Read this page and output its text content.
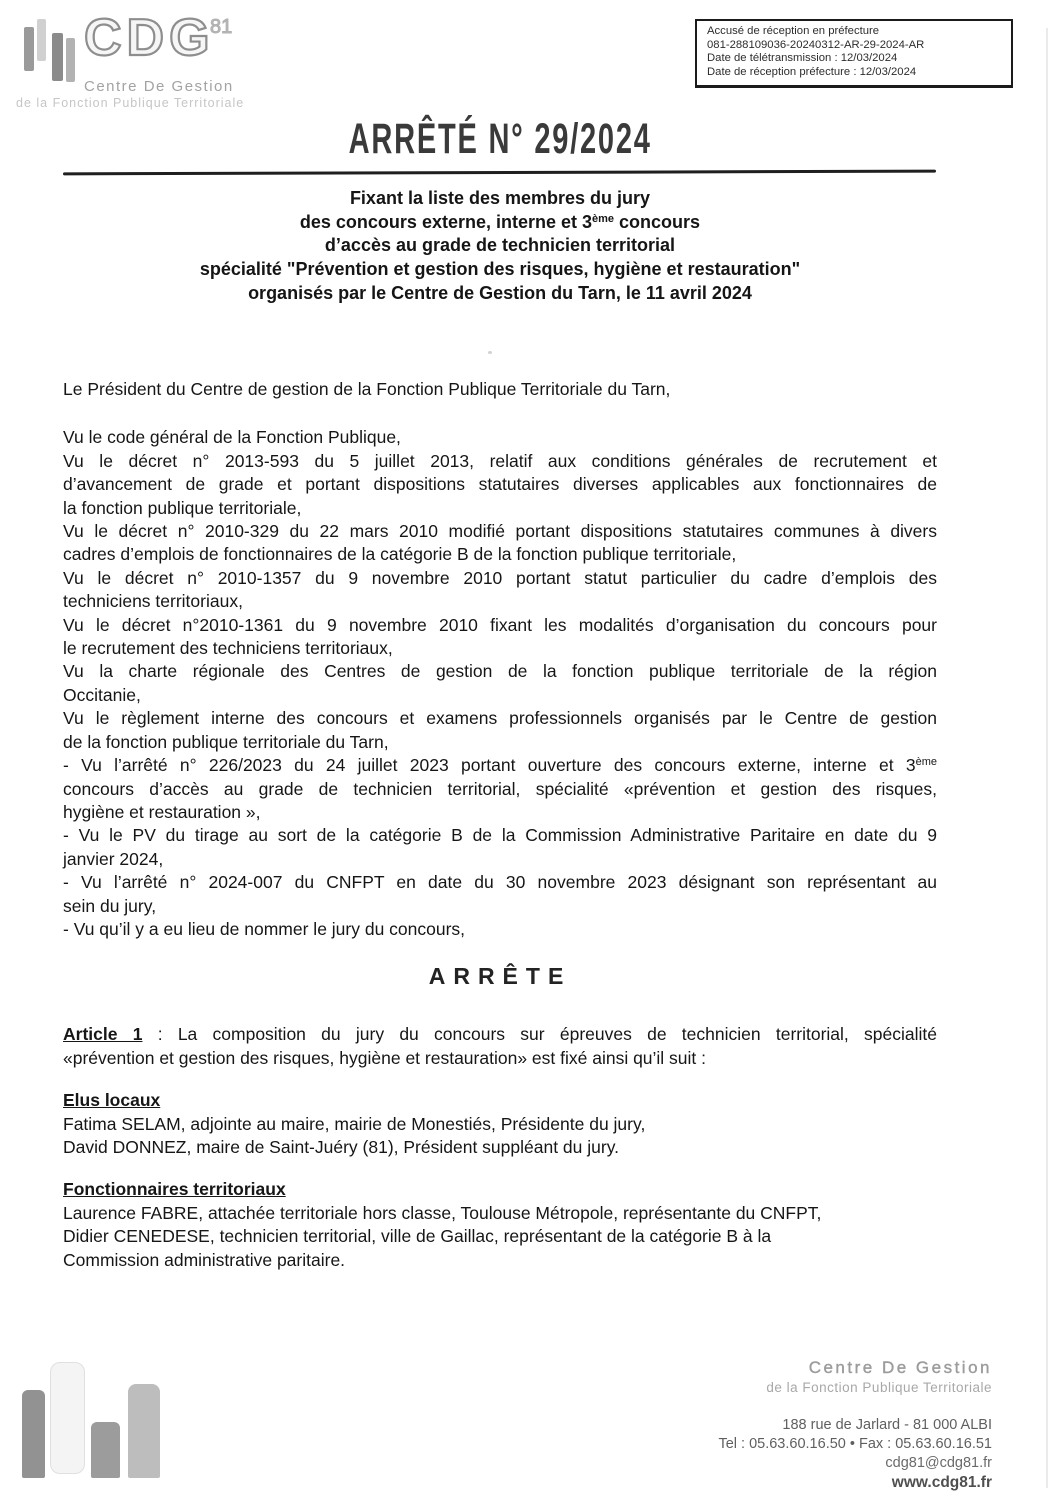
CDG
81
Centre De Gestion
de la Fonction Publique Territoriale
Accusé de réception en préfecture
081-288109036-20240312-AR-29-2024-AR
Date de télétransmission : 12/03/2024
Date de réception préfecture : 12/03/2024
ARRÊTÉ N° 29/2024
Fixant la liste des membres du jury
des concours externe, interne et 3ème concours
d’accès au grade de technicien territorial
spécialité "Prévention et gestion des risques, hygiène et restauration"
organisés par le Centre de Gestion du Tarn, le 11 avril 2024
Le Président du Centre de gestion de la Fonction Publique Territoriale du Tarn,
Vu le code général de la Fonction Publique,
Vu le décret n° 2013-593 du 5 juillet 2013, relatif aux conditions générales de recrutement et
d’avancement de grade et portant dispositions statutaires diverses applicables aux fonctionnaires de
la fonction publique territoriale,
Vu le décret n° 2010-329 du 22 mars 2010 modifié portant dispositions statutaires communes à divers
cadres d’emplois de fonctionnaires de la catégorie B de la fonction publique territoriale,
Vu le décret n° 2010-1357 du 9 novembre 2010 portant statut particulier du cadre d’emplois des
techniciens territoriaux,
Vu le décret n°2010-1361 du 9 novembre 2010 fixant les modalités d’organisation du concours pour
le recrutement des techniciens territoriaux,
Vu la charte régionale des Centres de gestion de la fonction publique territoriale de la région
Occitanie,
Vu le règlement interne des concours et examens professionnels organisés par le Centre de gestion
de la fonction publique territoriale du Tarn,
- Vu l’arrêté n° 226/2023 du 24 juillet 2023 portant ouverture des concours externe, interne et 3ème
concours d’accès au grade de technicien territorial, spécialité «prévention et gestion des risques,
hygiène et restauration »,
- Vu le PV du tirage au sort de la catégorie B de la Commission Administrative Paritaire en date du 9
janvier 2024,
- Vu l’arrêté n° 2024-007 du CNFPT en date du 30 novembre 2023 désignant son représentant au
sein du jury,
- Vu qu’il y a eu lieu de nommer le jury du concours,
ARRÊTE
Article 1 : La composition du jury du concours sur épreuves de technicien territorial, spécialité
«prévention et gestion des risques, hygiène et restauration» est fixé ainsi qu’il suit :
Elus locaux
Fatima SELAM, adjointe au maire, mairie de Monestiés, Présidente du jury,
David DONNEZ, maire de Saint-Juéry (81), Président suppléant du jury.
Fonctionnaires territoriaux
Laurence FABRE, attachée territoriale hors classe, Toulouse Métropole, représentante du CNFPT,
Didier CENEDESE, technicien territorial, ville de Gaillac, représentant de la catégorie B à la
Commission administrative paritaire.
Centre De Gestion
de la Fonction Publique Territoriale
188 rue de Jarlard - 81 000 ALBI
Tel : 05.63.60.16.50 • Fax : 05.63.60.16.51
cdg81@cdg81.fr
www.cdg81.fr
